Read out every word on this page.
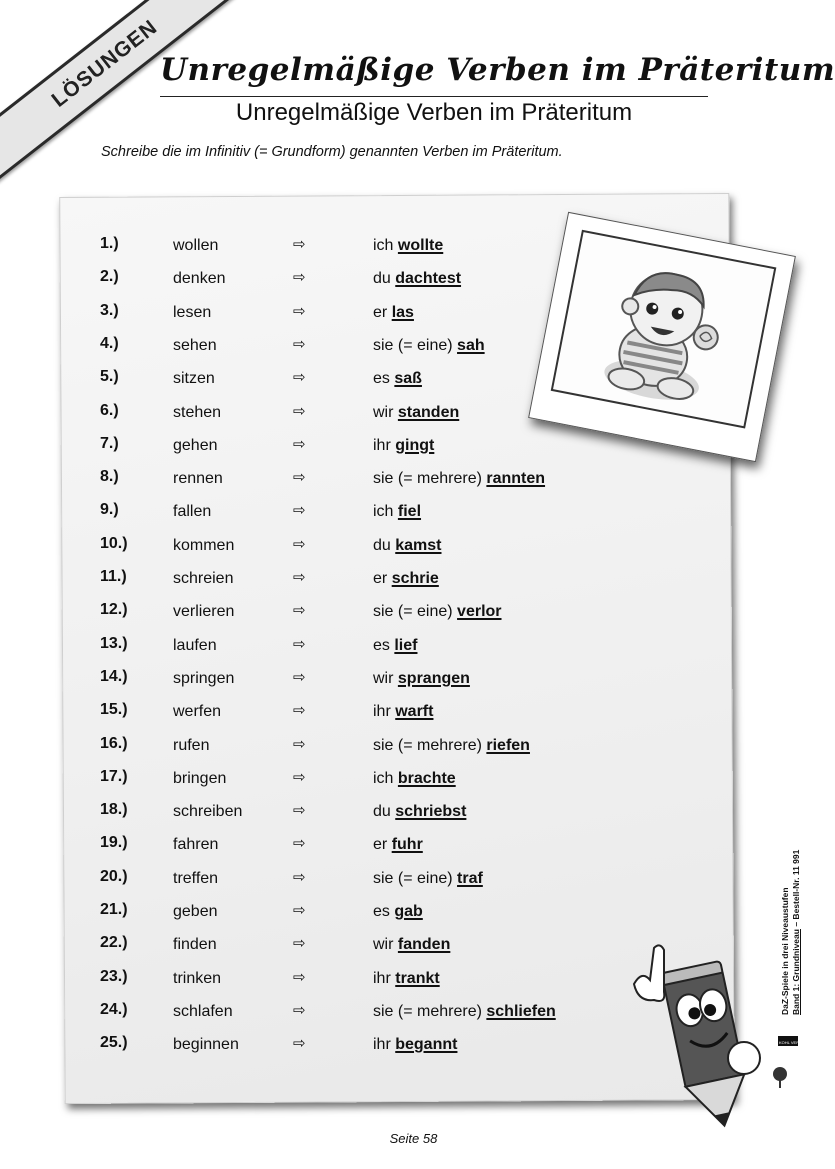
LÖSUNGEN
Unregelmäßige Verben im Präteritum
Unregelmäßige Verben im Präteritum
Schreibe die im Infinitiv (= Grundform) genannten Verben im Präteritum.
1.)	wollen	⇨	ich wollte
2.)	denken	⇨	du dachtest
3.)	lesen	⇨	er las
4.)	sehen	⇨	sie (= eine) sah
5.)	sitzen	⇨	es saß
6.)	stehen	⇨	wir standen
7.)	gehen	⇨	ihr gingt
8.)	rennen	⇨	sie (= mehrere) rannten
9.)	fallen	⇨	ich fiel
10.)	kommen	⇨	du kamst
11.)	schreien	⇨	er schrie
12.)	verlieren	⇨	sie (= eine) verlor
13.)	laufen	⇨	es lief
14.)	springen	⇨	wir sprangen
15.)	werfen	⇨	ihr warft
16.)	rufen	⇨	sie (= mehrere) riefen
17.)	bringen	⇨	ich brachte
18.)	schreiben	⇨	du schriebst
19.)	fahren	⇨	er fuhr
20.)	treffen	⇨	sie (= eine) traf
21.)	geben	⇨	es gab
22.)	finden	⇨	wir fanden
23.)	trinken	⇨	ihr trankt
24.)	schlafen	⇨	sie (= mehrere) schliefen
25.)	beginnen	⇨	ihr begannt
DaZ-Spiele in drei Niveaustufen Band 1: Grundniveau – Bestell-Nr. 11 991
KOHL VERLAG
Seite 58
